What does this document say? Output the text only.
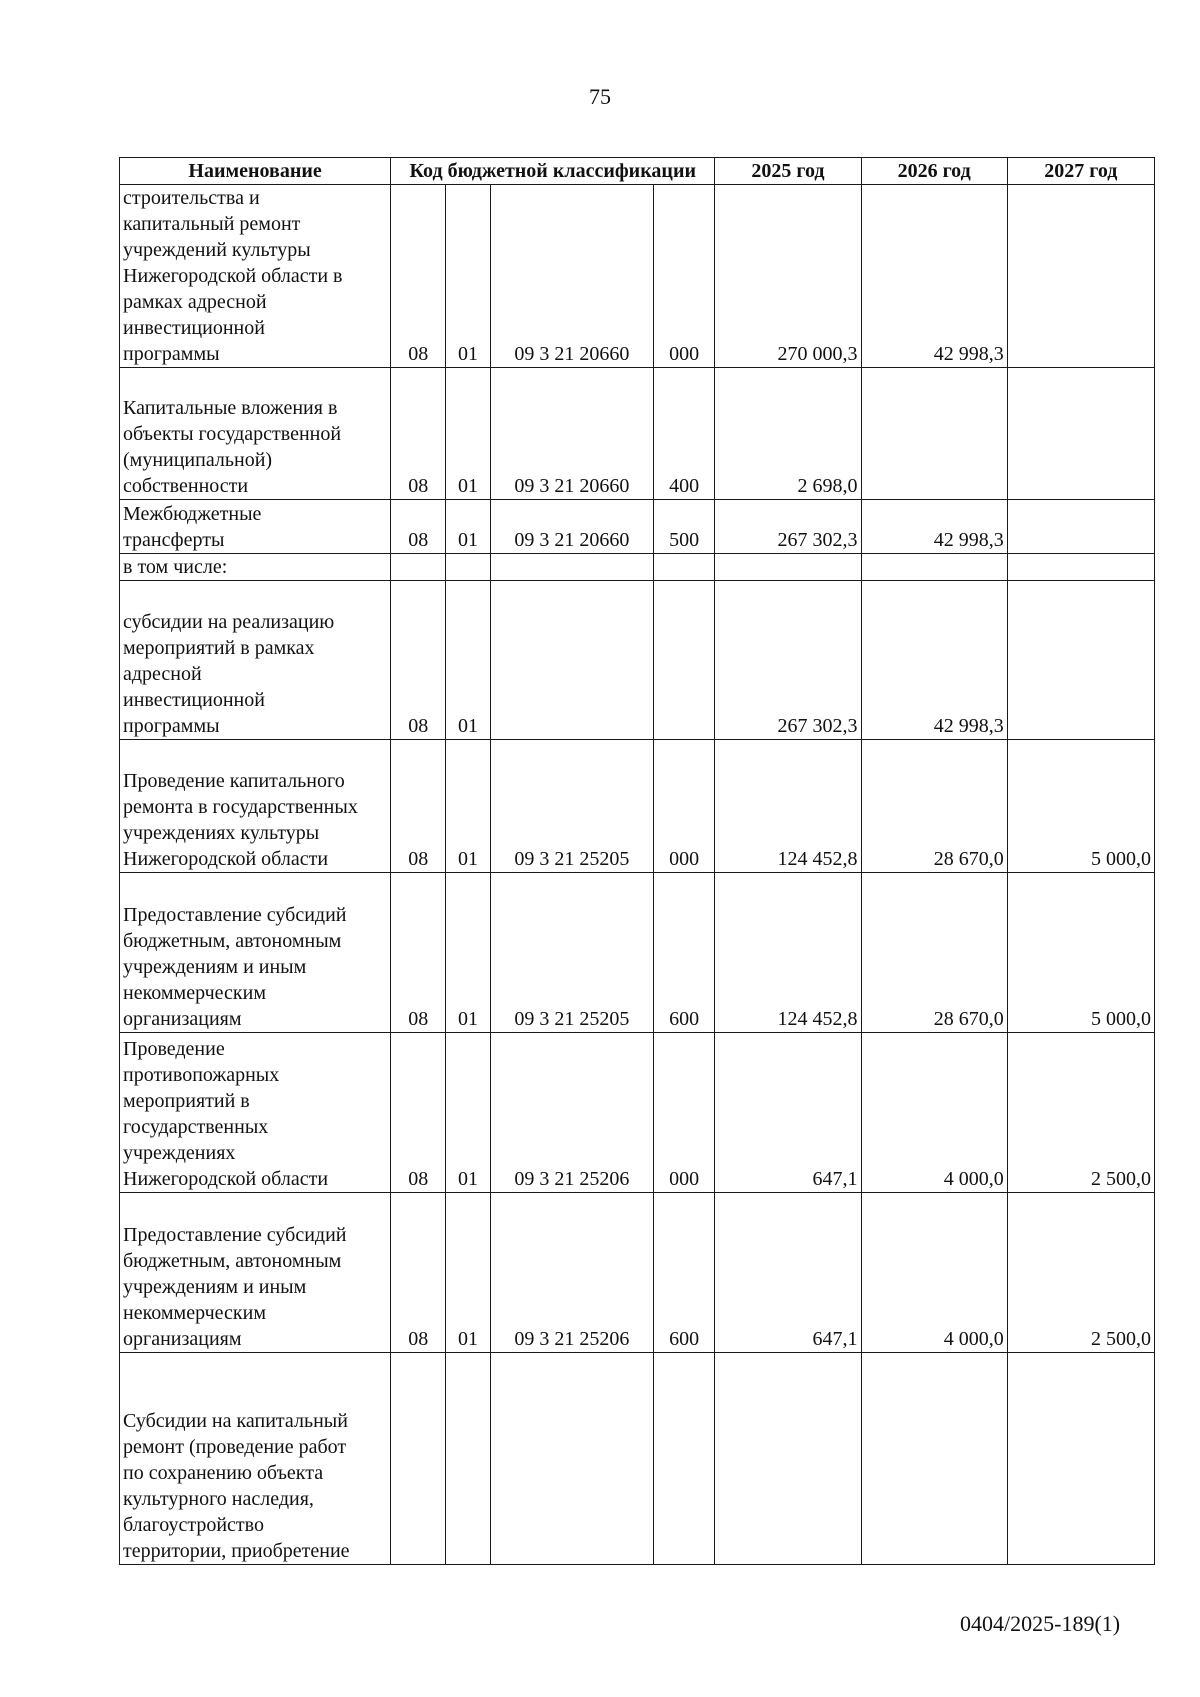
75
Наименование	Код бюджетной классификации				2025 год	2026 год	2027 год

строительства и капитальный ремонт учреждений культуры Нижегородской области в рамках адресной инвестиционной программы	08	01	09 3 21 20660	000	270 000,3	42 998,3	

Капитальные вложения в объекты государственной (муниципальной) собственности	08	01	09 3 21 20660	400	2 698,0		

Межбюджетные трансферты	08	01	09 3 21 20660	500	267 302,3	42 998,3	
в том числе:							

субсидии на реализацию мероприятий в рамках адресной инвестиционной программы	08	01			267 302,3	42 998,3	

Проведение капитального ремонта в государственных учреждениях культуры Нижегородской области	08	01	09 3 21 25205	000	124 452,8	28 670,0	5 000,0

Предоставление субсидий бюджетным, автономным учреждениям и иным некоммерческим организациям	08	01	09 3 21 25205	600	124 452,8	28 670,0	5 000,0

Проведение противопожарных мероприятий в государственных учреждениях Нижегородской области	08	01	09 3 21 25206	000	647,1	4 000,0	2 500,0

Предоставление субсидий бюджетным, автономным учреждениям и иным некоммерческим организациям	08	01	09 3 21 25206	600	647,1	4 000,0	2 500,0

Субсидии на капитальный ремонт (проведение работ по сохранению объекта культурного наследия, благоустройство территории, приобретение							

0404/2025-189(1)
